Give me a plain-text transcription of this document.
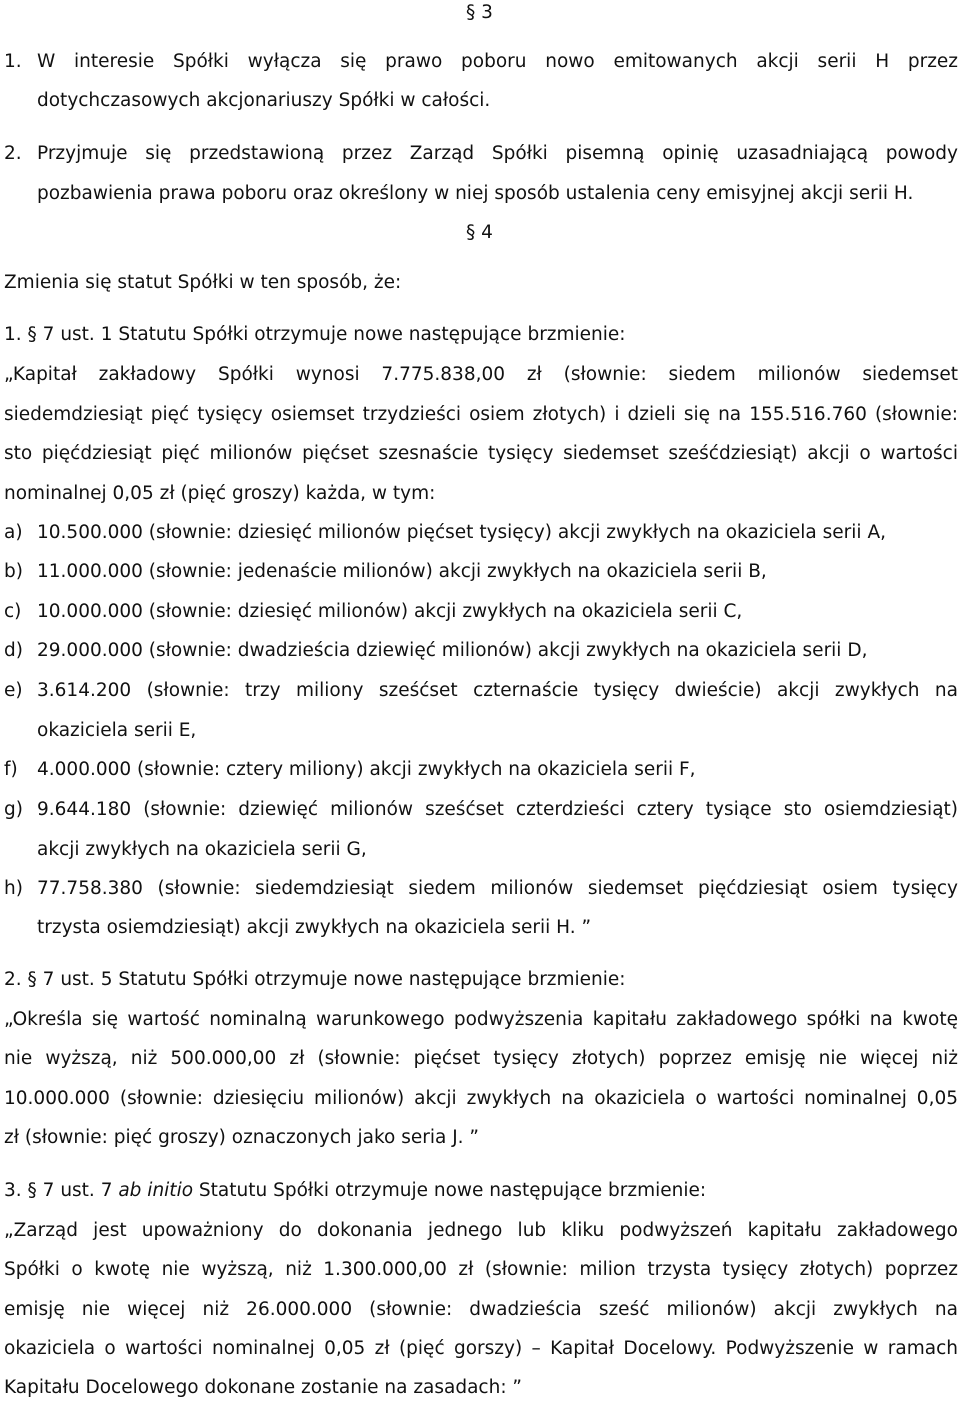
§ 3
1. W interesie Spółki wyłącza się prawo poboru nowo emitowanych akcji serii H przez
dotychczasowych akcjonariuszy Spółki w całości.
2. Przyjmuje się przedstawioną przez Zarząd Spółki pisemną opinię uzasadniającą powody
pozbawienia prawa poboru oraz określony w niej sposób ustalenia ceny emisyjnej akcji serii H.
§ 4
Zmienia się statut Spółki w ten sposób, że:
1. § 7 ust. 1 Statutu Spółki otrzymuje nowe następujące brzmienie:
„Kapitał zakładowy Spółki wynosi 7.775.838,00 zł (słownie: siedem milionów siedemset
siedemdziesiąt pięć tysięcy osiemset trzydzieści osiem złotych) i dzieli się na 155.516.760 (słownie:
sto pięćdziesiąt pięć milionów pięćset szesnaście tysięcy siedemset sześćdziesiąt) akcji o wartości
nominalnej 0,05 zł (pięć groszy) każda, w tym:
a) 10.500.000 (słownie: dziesięć milionów pięćset tysięcy) akcji zwykłych na okaziciela serii A,
b) 11.000.000 (słownie: jedenaście milionów) akcji zwykłych na okaziciela serii B,
c) 10.000.000 (słownie: dziesięć milionów) akcji zwykłych na okaziciela serii C,
d) 29.000.000 (słownie: dwadzieścia dziewięć milionów) akcji zwykłych na okaziciela serii D,
e) 3.614.200 (słownie: trzy miliony sześćset czternaście tysięcy dwieście) akcji zwykłych na
okaziciela serii E,
f) 4.000.000 (słownie: cztery miliony) akcji zwykłych na okaziciela serii F,
g) 9.644.180 (słownie: dziewięć milionów sześćset czterdzieści cztery tysiące sto osiemdziesiąt)
akcji zwykłych na okaziciela serii G,
h) 77.758.380 (słownie: siedemdziesiąt siedem milionów siedemset pięćdziesiąt osiem tysięcy
trzysta osiemdziesiąt) akcji zwykłych na okaziciela serii H. ”
2. § 7 ust. 5 Statutu Spółki otrzymuje nowe następujące brzmienie:
„Określa się wartość nominalną warunkowego podwyższenia kapitału zakładowego spółki na kwotę
nie wyższą, niż 500.000,00 zł (słownie: pięćset tysięcy złotych) poprzez emisję nie więcej niż
10.000.000 (słownie: dziesięciu milionów) akcji zwykłych na okaziciela o wartości nominalnej 0,05
zł (słownie: pięć groszy) oznaczonych jako seria J. ”
3. § 7 ust. 7 ab initio Statutu Spółki otrzymuje nowe następujące brzmienie:
„Zarząd jest upoważniony do dokonania jednego lub kliku podwyższeń kapitału zakładowego
Spółki o kwotę nie wyższą, niż 1.300.000,00 zł (słownie: milion trzysta tysięcy złotych) poprzez
emisję nie więcej niż 26.000.000 (słownie: dwadzieścia sześć milionów) akcji zwykłych na
okaziciela o wartości nominalnej 0,05 zł (pięć gorszy) – Kapitał Docelowy. Podwyższenie w ramach
Kapitału Docelowego dokonane zostanie na zasadach: ”
